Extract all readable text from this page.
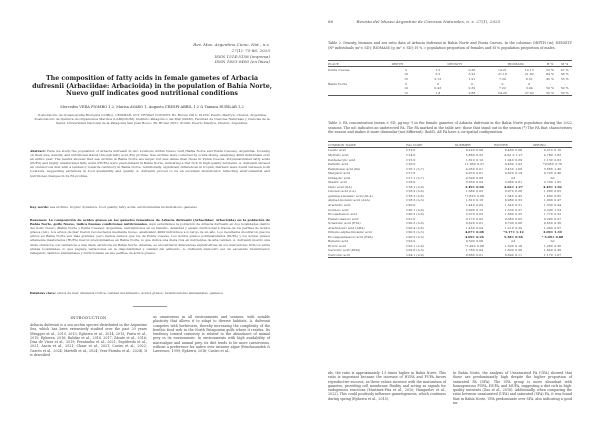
Rev. Mus. Argentino Cienc. Nat., n.s.
27(1): 75-86, 2025
ISSN 1514-5158 (impresa)
ISSN 1853-0400 (en línea)
The composition of fatty acids in female gametes of Arbacia dufresnii (Arbaciidae: Arbacioida) in the population of Bahía Norte, Nuevo gulf indicates good nutritional conditions
Mercedes VERA PIOMBO 1,2, Marisa AVARO 1, Augusto CRESPI-ABRIL 1,2 & Tamara RUBILAR 1,2
1Laboratorio de Oceanografía Biológica (LOBio), CESIMAR- CCT CENPAT CONICET. Bv. Brown 2915, 9120U, Puerto Madryn, Chubut, Argentina. 2Laboratorio de Química de Organismos Marinos (LABQUIOM), Instituto Patagónico del Mar (IPAM), Facultad de Ciencias Naturales y Ciencias de la Salud, Universidad Nacional de la Patagonia San Juan Bosco, Bv. Brown 3051, 9120U, Puerto Madryn, Chubut, Argentina.
Abstract: Here we study the population of Arbacia dufresnii in two locations within Nuevo Gulf (Bahía Norte and Punta Cuevas), Argentina, focusing on their size, density, and nutritional status through fatty acid (FA) profiles. Sea urchins were collected by scuba diving, analysing 4000 individuals over an entire year. The results showed that sea urchins in Bahía Norte are larger but less dense than those in Punta Cuevas. Polyunsaturated fatty acids (PUFA) and highly unsaturated fatty acids (HUFA) were predominant in Bahía Norte, indicating a diet rich in high-quality nutrients. A. dufresnii showed an omnivorous diet with a tendency towards carnivory in Bahía Norte. Additionally, significant differences in trophic markers were found between both locations, suggesting variations in food availability and quality. A. dufresnii proved to be an excellent bioindicator, reflecting environmental and nutritional changes in its FA profiles.
Key words: sea urchins, trophic dynamics, food quality, fatty acids, environmental bioindicators, gametes
Resumen: La composición de ácidos grasos en los gametos femeninos de Arbacia dufresnii (Arbaciidae: Arbacioida) en la población de Bahía Norte, golfo Nuevo, indica buenas condiciones nutricionales. Aquí estudiamos la población de Arbacia dufresnii en dos localidades dentro del Golfo Nuevo (Bahía Norte y Punta Cuevas), Argentina, centrándonos en su tamaño, densidad y estado nutricional a través de los perfiles de ácidos grasos (AG). Los erizos de mar fueron recolectados mediante buceo, analizando 4000 individuos a lo largo de un año. Los resultados mostraron que los erizos en Bahía Norte son más grandes, pero menos densos que los de Punta Cuevas. Los ácidos grasos poliinsaturados (PUFA) y los ácidos grasos altamente insaturados (HUFA) fueron predominantes en Bahía Norte, lo que indica una dieta rica en nutrientes de alta calidad. A. dufresnii mostró una dieta omnívora con tendencia a una dieta carnívora en Bahía Norte. Además, se encontraron diferencias significativas en los marcadores tróficos entre ambas localidades, lo que sugiere variaciones en la disponibilidad y calidad del alimento. A. dufresnii demostró ser un excelente bioindicador, reflejando cambios ambientales y nutricionales en sus perfiles de ácidos grasos.
Palabras clave: erizos de mar, dinámica trófica, calidad del alimento, ácidos grasos, bioindicadores ambientales, gametos
INTRODUCTION
Arbacia dufresnii is a sea urchin species distributed in the Argentine Sea, which has been extensively studied over the past 20 years (Brogger et al., 2010, 2013; Epherra et al., 2014, 2015; Parra et al., 2015; Epherra, 2016; Rubilar et al., 2016, 2017; Zárate et al., 2016; Díaz de Vivar et al., 2019; Fernández et al., 2021; Sepúlveda et al., 2021; Ancin et al., 2021; Chaar et al., 2021; Castro et al., 2022; Garcés et al., 2024; Martelli et al., 2024; Vera-Piombo et al., 2024). It is described
as omnivorous in all environments and seasons, with notable plasticity that allows it to adapt to diverse habitats. A. dufresnii competes with herbivores, thereby increasing the complexity of the benthic food web in the North Patagonian gulfs where it resides. Its tendency toward carnivory is related to the abundance of animal prey in its environment. In environments with high availability of macroalgae and animal prey, its diet tends to be more carnivorous, without a preference for native over invasive algae (Penchaszadeh & Lawrence, 1999; Epherra, 2016; Castro et al.,
80	Revista del Museo Argentino de Ciencias Naturales, n. s. 27(1), 2025
Table 2. Density, biomass and sex ratio data of Arbacia dufresnii in Bahía Norte and Punta Cuevas. In the columns: DEPTH (m); DENSITY (Nº individuals /m²± SD); BIOMASS (g /m² ± SD); H % = population proportion of females and M % population proportion of males.
PLACE	DEPTH	DENSITY		BIOMASS		H %	M %
Punta Cuevas	5	1.5	0.36	14.21	12.13	53 %	47 %
	10	5.5	3.22	31.16	21.82	64 %	36 %
	15	2.13	1.91	7.29	6.31	45 %	55 %
Bahía Norte	5	0	0	0	0	-	-
	10	0.43	0.32	7.22	3.04	50 %	50 %
	15	1.8	2.88	24.26	27.02	50 %	50 %
Table 3. FA concentration (mean ± SD; µg·mg⁻¹) in the female gametes of Arbacia dufresnii in the Bahía Norte population during the 2022 seasons. The nd: indicates an undetected FA. The FA marked in the table are: those that stand out in the season (*) The FA that characterizes the season and makes it more dissimilar (not different). (bold). All FA have a cis-spatial configuration.
COMMON NAME	FAs CODE	SUMMER	WINTER	SPRING
Lauric acid	C12:0	0.22± 0.08	0.48± 0.08	0.21± 0.10
Myristic acid	C14:0	5.88± 0.32	4.92 ± 1.27	4.78± 1.83
Pentadecylic acid	C15:0	1.81± 0.10	1.04± 0.39	1.13± 0.63
Palmitic acid	C16:0	11.96± 0.27	9.46± 1.93	*9.08± 2.76
Palmitoleic acid (PA)	C16:1 (n-7)	4.05± 0.01	3.45± 1.09	3.68± 1.46
Margaric acid	C17:0	0.97± 0.01	0.62± 0.19	0.72± 0.46
Ginkgolic acid	C17:1 (n-7)	0.39± 0.08	nd	nd
Stearic acid	C18:0	3.65± 0.04	2.98± 0.81	2.79± 1.05
Oleic acid (OA)	C18:1 (n-9)	3.49± 0.04	4.66± 1.27	4.49± 1.92
Linoleic acid (LA)	C18:2 (n-6)	1.68± 0.02	0.97± 0.38	1.28± 0.65
gamma-Linolenic acid (GLA)	C18:3 (n-6)	*1.82± 0.08	1.34± 0.42	1.60± 0.85
Alpha-Linolenic acid (ALA)	C18:3 (n-3)	1.61± 0.18	0.98± 0.33	1.09± 0.47
Arachidic acid	C20:0	1.44± 0.09	1.54± 0.31	1.33± 0.44
Gondoic acid	C20:1 (n-9)	2.09± 0.15	1.53± 0.27	2.20± 1.54
Eicosadienoic acid	C20:2 (n-6)	2.07± 0.03	1.69± 0.35	1.77± 0.52
Heneicosanoic acid	C21:0	0.17± 0.02	0.38± 0.05	0.29± 0.07
Sciadonic acid (ETA)	C20:3 (n-6)	0.62± 0.01	0.79± 0.08	0.65± 0.36
Arachidonic acid (ARA)	C20:4 (n-6)	1.45± 0.04	1.21± 0.30	1.09± 0.07
Dihomo-alpha-linolenic acid	C20:3 (n-3)	4.07± 0.08	*3.17± 1.12	3.09± 1.39
Eicosapentaenoic acid (EPA)	C20:5 (n-3)	4.09± 0.26	5.38± 0.94	* 5.09± 0.88
Behenic acid	C22:0	0.30± 0.08	nd	nd
Erucic acid	C22:1 (n-9)	*1.49± 0.08	1.30± 0.18	1.28± 0.36
Cervonic acid (DHA)	C22:6 (n-3)	1.78± 0.04	1.60± 0.36	1.64± 0.36
Nervonic acid	C24:1 (n-9)	0.66± 0.01	0.69± 0.11	1.17± 1.07
ids, the ratio is approximately 1.5 times higher in Bahía Norte. This ratio is important because the increase of HUFA and PUFA favors reproductive success, as these values increase with the maturation of gametes, providing cell membrane fluidity and acting as signals for endogenous reactions (Martínez-Pita et al., 2010; Hanguelov et al., 2022). This could positively influence gametogenesis, which continues during spring (Epherra et al., 2015).
In Bahía Norte, the analysis of Unsaturated FA (UFA) showed that these are predominantly high despite the higher proportion of saturated FA (SFA). The UFA group is more abundant with homogeneous PUFA, HUFA, and MUFA, suggesting a diet rich in high-quality nutrients (Zuo et al., 2018). Additionally, when comparing the ratio between unsaturated (UFA) and saturated (SFA) FA, it was found that in Bahía Norte, UFA predominate over SFA, also indicating a good nu-
